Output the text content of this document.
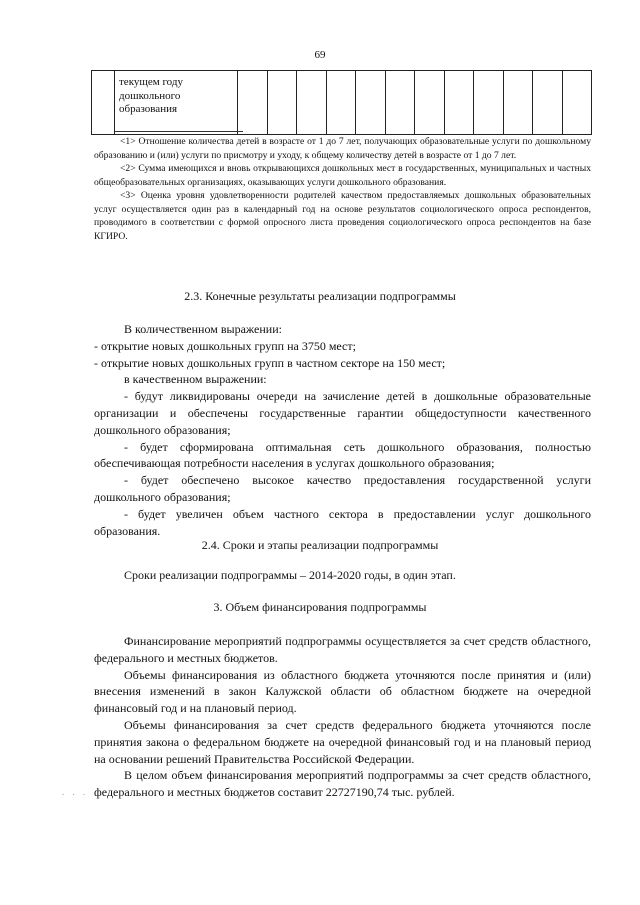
69

текущем году
дошкольного
образования

<1> Отношение количества детей в возрасте от 1 до 7 лет, получающих образовательные услуги по дошкольному образованию и (или) услуги по присмотру и уходу, к общему количеству детей в возрасте от 1 до 7 лет.

<2> Сумма имеющихся и вновь открывающихся дошкольных мест в государственных, муниципальных и частных общеобразовательных организациях, оказывающих услуги дошкольного образования.

<3> Оценка уровня удовлетворенности родителей качеством предоставляемых дошкольных образовательных услуг осуществляется один раз в календарный год на основе результатов социологического опроса респондентов, проводимого в соответствии с формой опросного листа проведения социологического опроса респондентов на базе КГИРО.

2.3. Конечные результаты реализации подпрограммы

В количественном выражении:

- открытие новых дошкольных групп на 3750 мест;

- открытие новых дошкольных групп в частном секторе на 150 мест;

в качественном выражении:

- будут ликвидированы очереди на зачисление детей в дошкольные образовательные организации и обеспечены государственные гарантии общедоступности качественного дошкольного образования;

- будет сформирована оптимальная сеть дошкольного образования, полностью обеспечивающая потребности населения в услугах дошкольного образования;

- будет обеспечено высокое качество предоставления государственной услуги дошкольного образования;

- будет увеличен объем частного сектора в предоставлении услуг дошкольного образования.

2.4. Сроки и этапы реализации подпрограммы

Сроки реализации подпрограммы – 2014-2020 годы, в один этап.

3. Объем финансирования подпрограммы

Финансирование мероприятий подпрограммы осуществляется за счет средств областного, федерального и местных бюджетов.

Объемы финансирования из областного бюджета уточняются после принятия и (или) внесения изменений в закон Калужской области об областном бюджете на очередной финансовый год и на плановый период.

Объемы финансирования за счет средств федерального бюджета уточняются после принятия закона о федеральном бюджете на очередной финансовый год и на плановый период на основании решений Правительства Российской Федерации.

В целом объем финансирования мероприятий подпрограммы за счет средств областного, федерального и местных бюджетов составит 22727190,74 тыс. рублей.

. . .
